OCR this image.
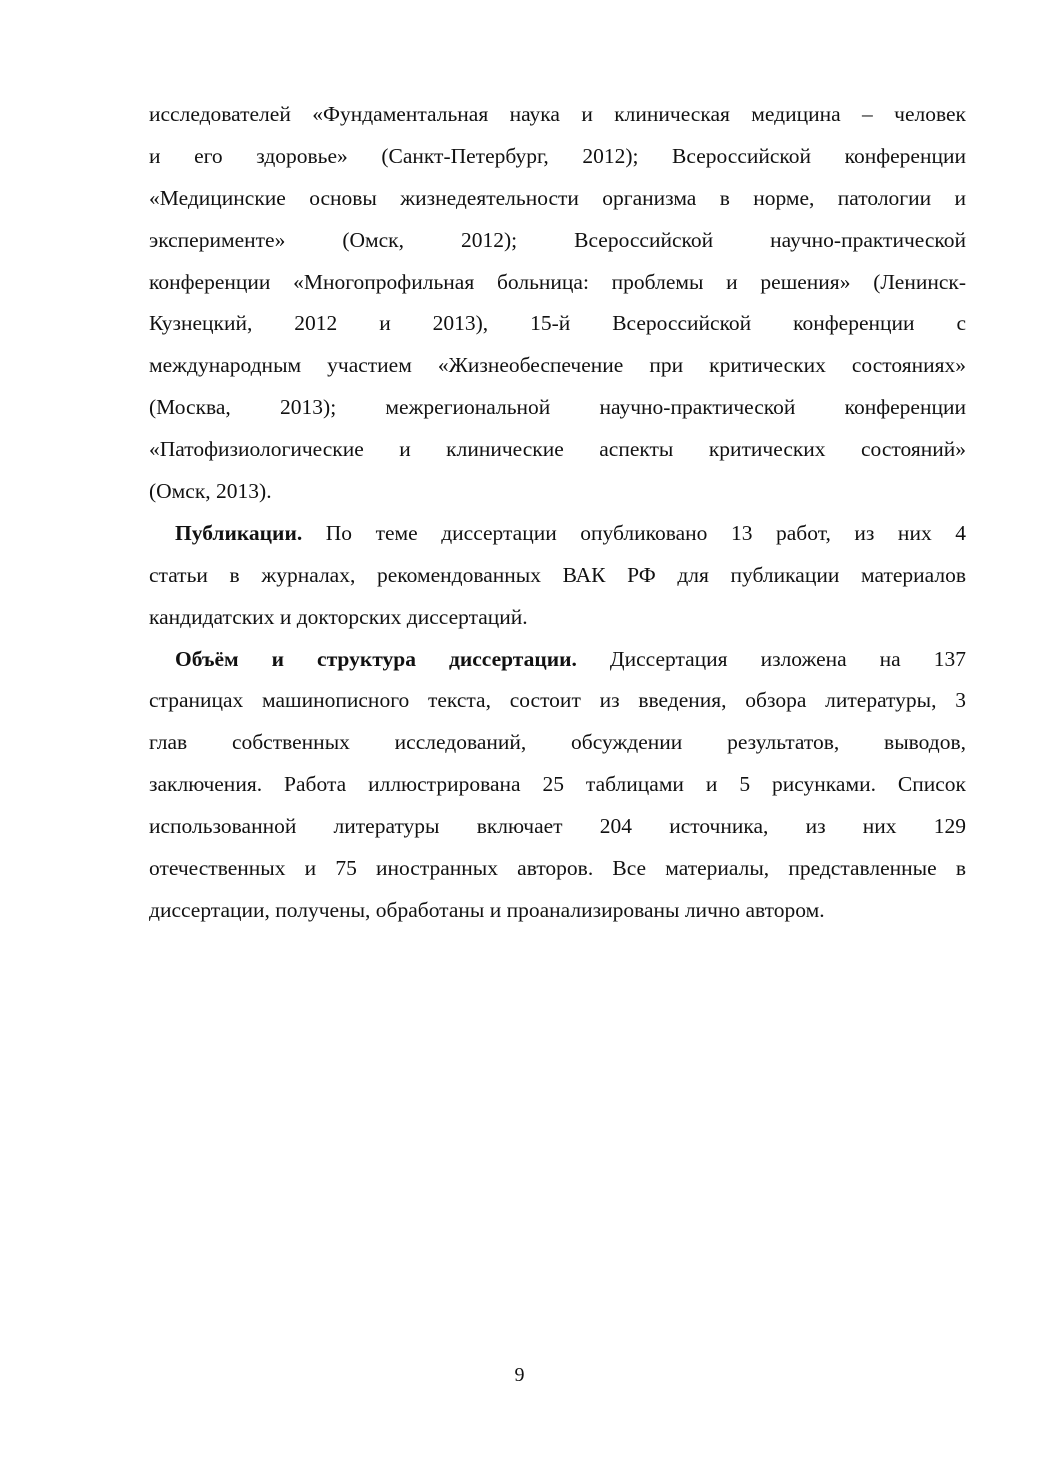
исследователей «Фундаментальная наука и клиническая медицина – человек
и его здоровье» (Санкт-Петербург, 2012); Всероссийской конференции
«Медицинские основы жизнедеятельности организма в норме, патологии и
эксперименте» (Омск, 2012); Всероссийской научно-практической
конференции «Многопрофильная больница: проблемы и решения» (Ленинск-
Кузнецкий, 2012 и 2013), 15-й Всероссийской конференции с
международным участием «Жизнеобеспечение при критических состояниях»
(Москва, 2013); межрегиональной научно-практической конференции
«Патофизиологические и клинические аспекты критических состояний»
(Омск, 2013).
Публикации. По теме диссертации опубликовано 13 работ, из них 4
статьи в журналах, рекомендованных ВАК РФ для публикации материалов
кандидатских и докторских диссертаций.
Объём и структура диссертации. Диссертация изложена на 137
страницах машинописного текста, состоит из введения, обзора литературы, 3
глав собственных исследований, обсуждении результатов, выводов,
заключения. Работа иллюстрирована 25 таблицами и 5 рисунками. Список
использованной литературы включает 204 источника, из них 129
отечественных и 75 иностранных авторов. Все материалы, представленные в
диссертации, получены, обработаны и проанализированы лично автором.
9
